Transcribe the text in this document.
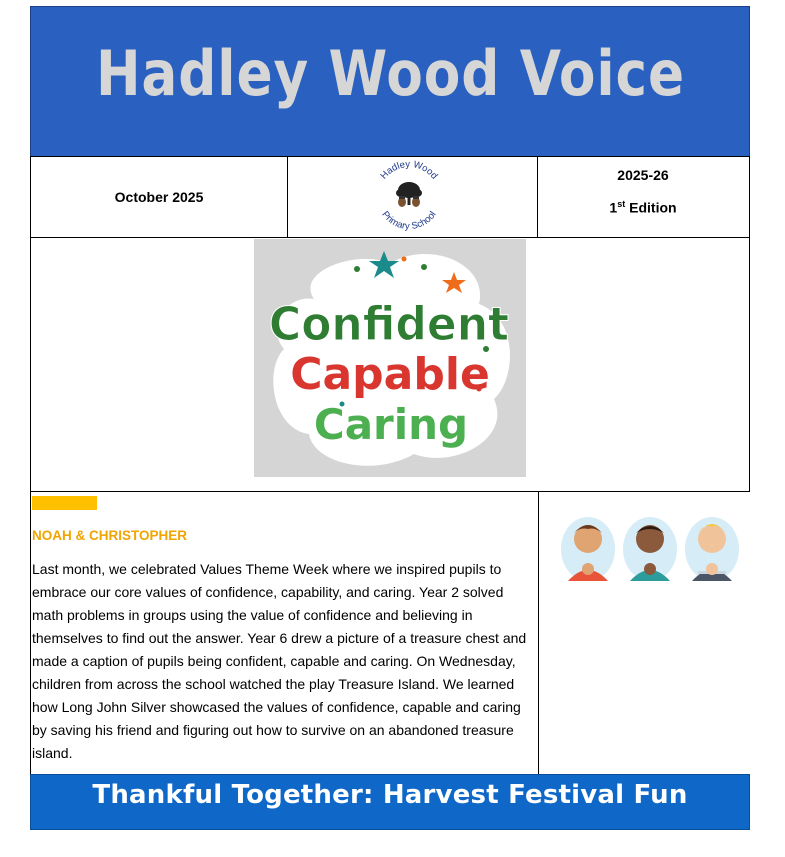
Hadley Wood Voice
October 2025
Hadley Wood
Primary School
2025-26
1st Edition
Confident
Capable
Caring
NOAH & CHRISTOPHER

Last month, we celebrated Values Theme Week where we inspired pupils to embrace our core values of confidence, capability, and caring. Year 2 solved math problems in groups using the value of confidence and believing in themselves to find out the answer. Year 6 drew a picture of a treasure chest and made a caption of pupils being confident, capable and caring. On Wednesday, children from across the school watched the play Treasure Island. We learned how Long John Silver showcased the values of confidence, capable and caring by saving his friend and figuring out how to survive on an abandoned treasure island.

Thankful Together: Harvest Festival Fun
